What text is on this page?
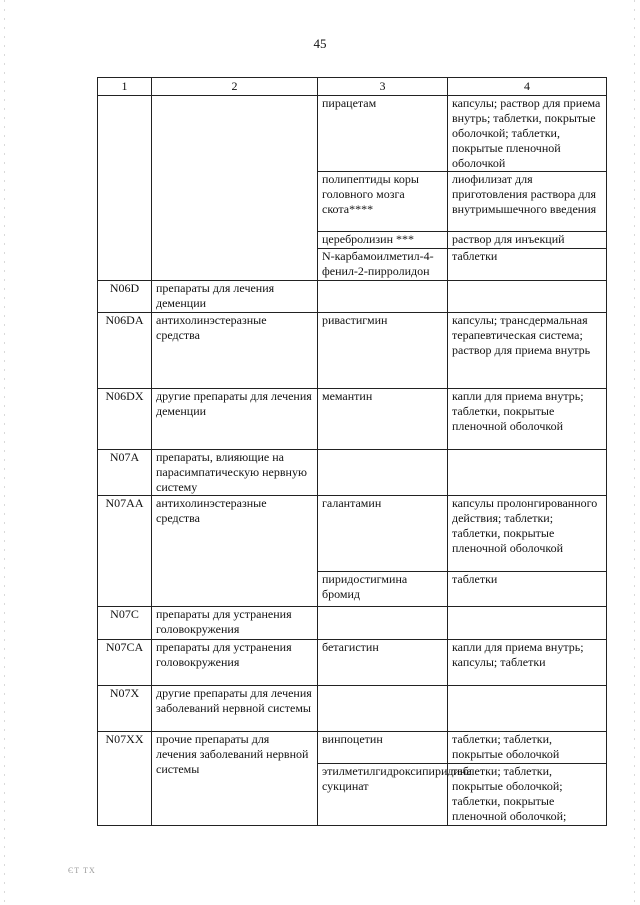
45
1	2	3	4
		пирацетам	капсулы; раствор для приема внутрь; таблетки, покрытые оболочкой; таблетки, покрытые пленочной оболочкой
		полипептиды коры головного мозга скота****	лиофилизат для приготовления раствора для внутримышечного введения
		церебролизин ***	раствор для инъекций
		N-карбамоилметил-4-фенил-2-пирролидон	таблетки
N06D	препараты для лечения деменции		
N06DA	антихолинэстеразные средства	ривастигмин	капсулы; трансдермальная терапевтическая система; раствор для приема внутрь
N06DX	другие препараты для лечения деменции	мемантин	капли для приема внутрь; таблетки, покрытые пленочной оболочкой
N07A	препараты, влияющие на парасимпатическую нервную систему		
N07AA	антихолинэстеразные средства	галантамин	капсулы пролонгированного действия; таблетки; таблетки, покрытые пленочной оболочкой
		пиридостигмина бромид	таблетки
N07C	препараты для устранения головокружения		
N07CA	препараты для устранения головокружения	бетагистин	капли для приема внутрь; капсулы; таблетки
N07X	другие препараты для лечения заболеваний нервной системы		
N07XX	прочие препараты для лечения заболеваний нервной системы	винпоцетин	таблетки; таблетки, покрытые оболочкой
		этилметилгидроксипиридина сукцинат	таблетки; таблетки, покрытые оболочкой; таблетки, покрытые пленочной оболочкой;
ЄТ ТХ
